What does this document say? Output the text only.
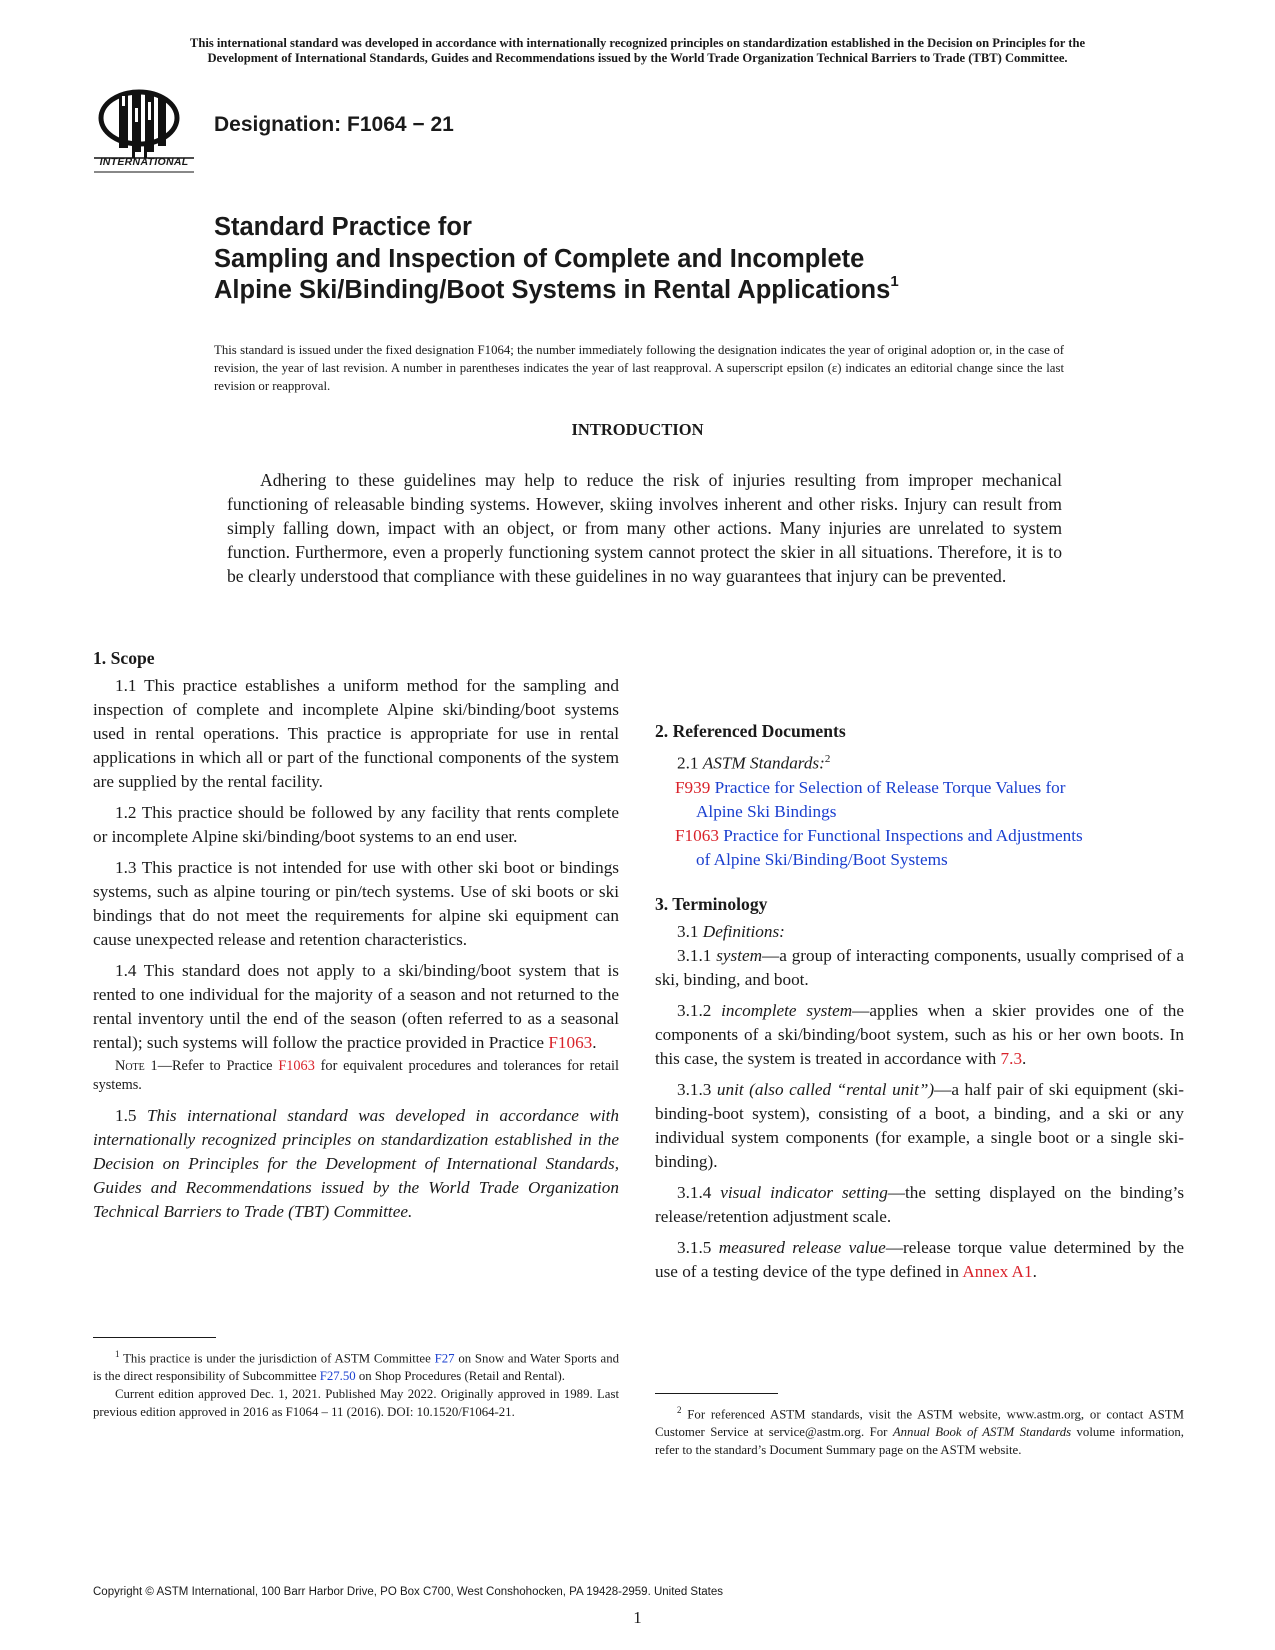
This international standard was developed in accordance with internationally recognized principles on standardization established in the Decision on Principles for the
Development of International Standards, Guides and Recommendations issued by the World Trade Organization Technical Barriers to Trade (TBT) Committee.
INTERNATIONAL
Designation: F1064 − 21
Standard Practice for
Sampling and Inspection of Complete and Incomplete
Alpine Ski/Binding/Boot Systems in Rental Applications$^1$
This standard is issued under the fixed designation F1064; the number immediately following the designation indicates the year of original adoption or, in the case of revision, the year of last revision. A number in parentheses indicates the year of last reapproval. A superscript epsilon (ε) indicates an editorial change since the last revision or reapproval.
INTRODUCTION

Adhering to these guidelines may help to reduce the risk of injuries resulting from improper mechanical functioning of releasable binding systems. However, skiing involves inherent and other risks. Injury can result from simply falling down, impact with an object, or from many other actions. Many injuries are unrelated to system function. Furthermore, even a properly functioning system cannot protect the skier in all situations. Therefore, it is to be clearly understood that compliance with these guidelines in no way guarantees that injury can be prevented.

1. Scope

1.1 This practice establishes a uniform method for the sampling and inspection of complete and incomplete Alpine ski/binding/boot systems used in rental operations. This practice is appropriate for use in rental applications in which all or part of the functional components of the system are supplied by the rental facility.

1.2 This practice should be followed by any facility that rents complete or incomplete Alpine ski/binding/boot systems to an end user.

1.3 This practice is not intended for use with other ski boot or bindings systems, such as alpine touring or pin/tech systems. Use of ski boots or ski bindings that do not meet the requirements for alpine ski equipment can cause unexpected release and retention characteristics.

1.4 This standard does not apply to a ski/binding/boot system that is rented to one individual for the majority of a season and not returned to the rental inventory until the end of the season (often referred to as a seasonal rental); such systems will follow the practice provided in Practice F1063.

Note 1—Refer to Practice F1063 for equivalent procedures and tolerances for retail systems.

1.5 This international standard was developed in accordance with internationally recognized principles on standardization established in the Decision on Principles for the Development of International Standards, Guides and Recommendations issued by the World Trade Organization Technical Barriers to Trade (TBT) Committee.

2. Referenced Documents

2.1 ASTM Standards:$^2$

F939 Practice for Selection of Release Torque Values for
Alpine Ski Bindings
F1063 Practice for Functional Inspections and Adjustments
of Alpine Ski/Binding/Boot Systems
3. Terminology

3.1 Definitions:

3.1.1 system—a group of interacting components, usually comprised of a ski, binding, and boot.

3.1.2 incomplete system—applies when a skier provides one of the components of a ski/binding/boot system, such as his or her own boots. In this case, the system is treated in accordance with 7.3.

3.1.3 unit (also called “rental unit”)—a half pair of ski equipment (ski-binding-boot system), consisting of a boot, a binding, and a ski or any individual system components (for example, a single boot or a single ski-binding).

3.1.4 visual indicator setting—the setting displayed on the binding’s release/retention adjustment scale.

3.1.5 measured release value—release torque value determined by the use of a testing device of the type defined in Annex A1.

$^1$ This practice is under the jurisdiction of ASTM Committee F27 on Snow and Water Sports and is the direct responsibility of Subcommittee F27.50 on Shop Procedures (Retail and Rental).

Current edition approved Dec. 1, 2021. Published May 2022. Originally approved in 1989. Last previous edition approved in 2016 as F1064 – 11 (2016). DOI: 10.1520/F1064-21.	$^2$ For referenced ASTM standards, visit the ASTM website, www.astm.org, or contact ASTM Customer Service at service@astm.org. For Annual Book of ASTM Standards volume information, refer to the standard’s Document Summary page on the ASTM website.

Copyright © ASTM International, 100 Barr Harbor Drive, PO Box C700, West Conshohocken, PA 19428-2959. United States
1
